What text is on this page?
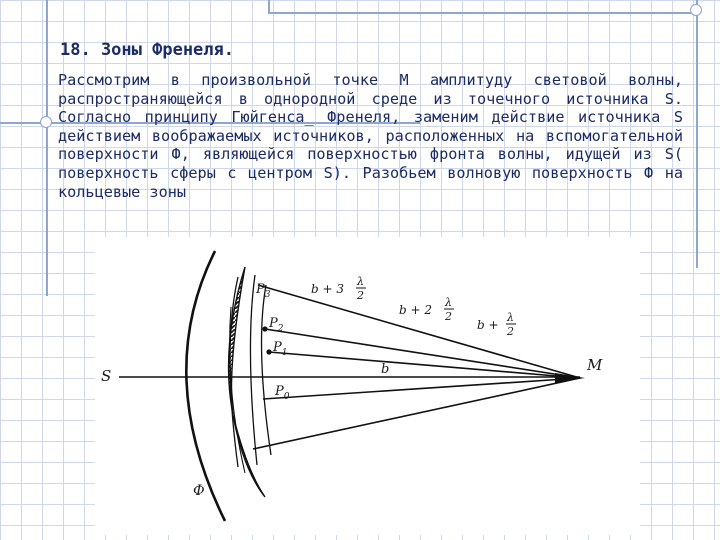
18. Зоны Френеля.

Рассмотрим в произвольной точке М амплитуду световой волны, распространяющейся в однородной среде из точечного источника S. Согласно принципу Гюйгенса_ Френеля, заменим действие источника S действием воображаемых источников, расположенных на вспомогательной поверхности Ф, являющейся поверхностью фронта волны, идущей из S( поверхность сферы с центром S). Разобьем волновую поверхность Ф на кольцевые зоны

S
M
Ф
$P_3$
$P_2$
$P_1$
$P_0$
b
b + 3
λ
2
b + 2
λ
2
b +
λ
2
